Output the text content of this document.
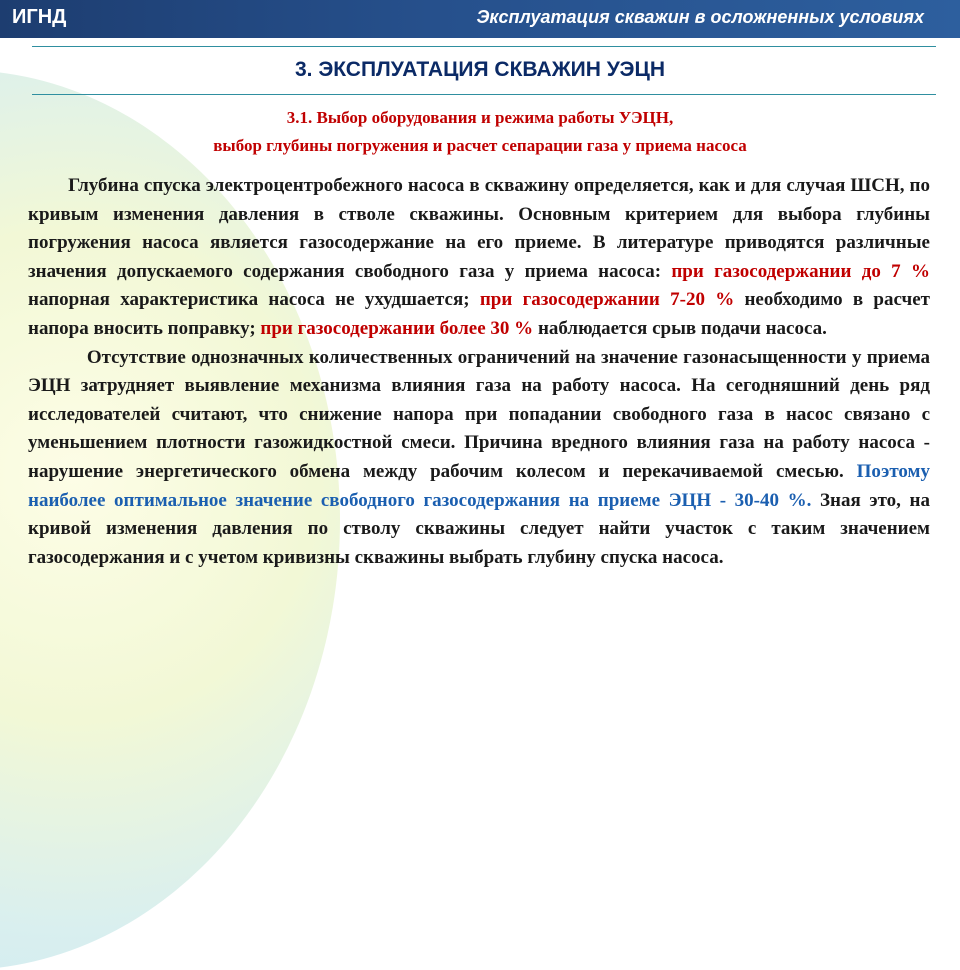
ИГНД	Эксплуатация скважин в осложненных условиях
3. ЭКСПЛУАТАЦИЯ СКВАЖИН УЭЦН
3.1. Выбор оборудования и режима работы УЭЦН,
выбор глубины погружения и расчет сепарации газа у приема насоса

Глубина спуска электроцентробежного насоса в скважину определяется, как и для случая ШСН, по кривым изменения давления в стволе скважины. Основным критерием для выбора глубины погружения насоса является газосодержание на его приеме. В литературе приводятся различные значения допускаемого содержания свободного газа у приема насоса: при газосодержании до 7 % напорная характеристика насоса не ухудшается; при газосодержании 7-20 % необходимо в расчет напора вносить поправку; при газосодержании более 30 % наблюдается срыв подачи насоса.

Отсутствие однозначных количественных ограничений на значение газонасыщенности у приема ЭЦН затрудняет выявление механизма влияния газа на работу насоса. На сегодняшний день ряд исследователей считают, что снижение напора при попадании свободного газа в насос связано с уменьшением плотности газожидкостной смеси. Причина вредного влияния газа на работу насоса - нарушение энергетического обмена между рабочим колесом и перекачиваемой смесью. Поэтому наиболее оптимальное значение свободного газосодержания на приеме ЭЦН - 30-40 %. Зная это, на кривой изменения давления по стволу скважины следует найти участок с таким значением газосодержания и с учетом кривизны скважины выбрать глубину спуска насоса.
